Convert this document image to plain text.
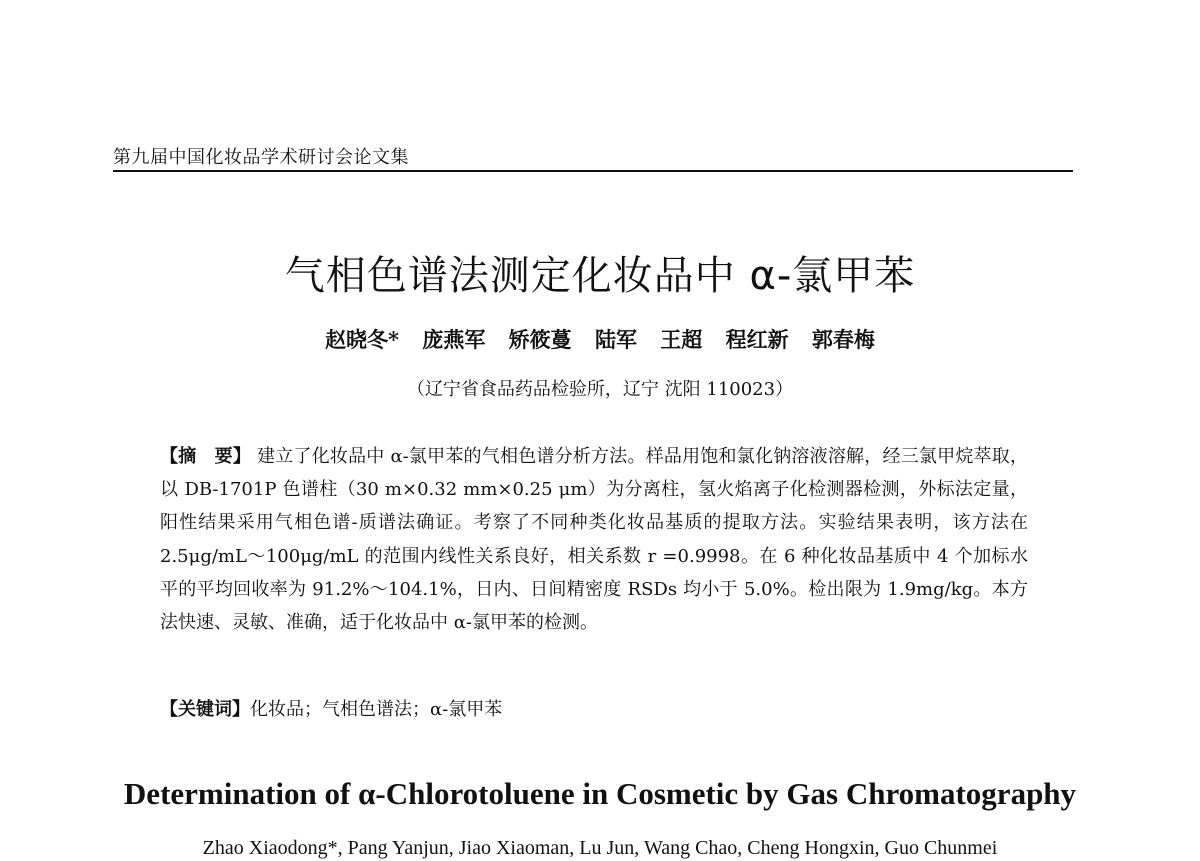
第九届中国化妆品学术研讨会论文集
气相色谱法测定化妆品中 α-氯甲苯
赵晓冬* 庞燕军 矫筱蔓 陆军 王超 程红新 郭春梅
（辽宁省食品药品检验所，辽宁 沈阳 110023）
【摘　要】 建立了化妆品中 α-氯甲苯的气相色谱分析方法。样品用饱和氯化钠溶液溶解，经三氯甲烷萃取，以 DB-1701P 色谱柱（30 m×0.32 mm×0.25 μm）为分离柱，氢火焰离子化检测器检测，外标法定量，阳性结果采用气相色谱-质谱法确证。考察了不同种类化妆品基质的提取方法。实验结果表明，该方法在 2.5μg/mL～100μg/mL 的范围内线性关系良好，相关系数 r =0.9998。在 6 种化妆品基质中 4 个加标水平的平均回收率为 91.2%～104.1%，日内、日间精密度 RSDs 均小于 5.0%。检出限为 1.9mg/kg。本方法快速、灵敏、准确，适于化妆品中 α-氯甲苯的检测。
【关键词】化妆品；气相色谱法；α-氯甲苯
Determination of α-Chlorotoluene in Cosmetic by Gas Chromatography
Zhao Xiaodong*, Pang Yanjun, Jiao Xiaoman, Lu Jun, Wang Chao, Cheng Hongxin, Guo Chunmei
